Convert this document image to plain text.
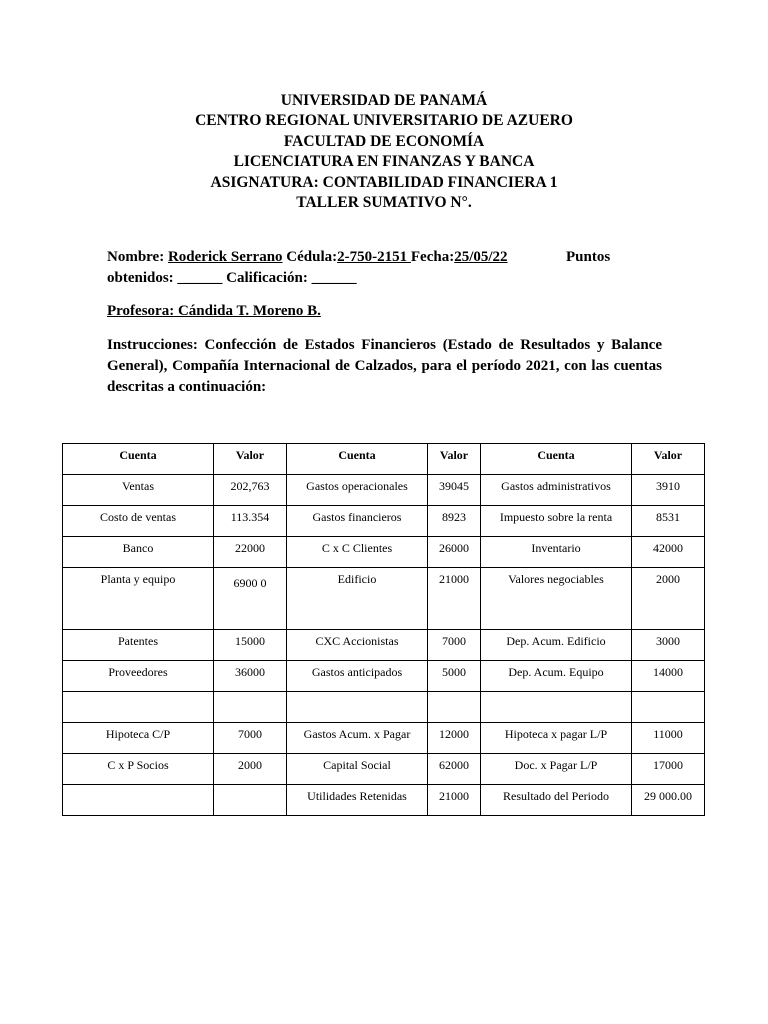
UNIVERSIDAD DE PANAMÁ
CENTRO REGIONAL UNIVERSITARIO DE AZUERO
FACULTAD DE ECONOMÍA
LICENCIATURA EN FINANZAS Y BANCA
ASIGNATURA: CONTABILIDAD FINANCIERA 1
TALLER SUMATIVO N°.
Nombre: Roderick Serrano Cédula:2-750-2151 Fecha:25/05/22	Puntos
obtenidos: ______ Calificación: ______
Profesora: Cándida T. Moreno B.
Instrucciones: Confección de Estados Financieros (Estado de Resultados y Balance General), Compañía Internacional de Calzados, para el período 2021, con las cuentas descritas a continuación:
Cuenta	Valor	Cuenta	Valor	Cuenta	Valor
Ventas	202,763	Gastos operacionales	39045	Gastos administrativos	3910
Costo de ventas	113.354	Gastos financieros	8923	Impuesto sobre la renta	8531
Banco	22000	C x C Clientes	26000	Inventario	42000
Planta y equipo	6900 0	Edificio	21000	Valores negociables	2000
Patentes	15000	CXC Accionistas	7000	Dep. Acum. Edificio	3000
Proveedores	36000	Gastos anticipados	5000	Dep. Acum. Equipo	14000

Hipoteca C/P	7000	Gastos Acum. x Pagar	12000	Hipoteca x pagar L/P	11000
C x P Socios	2000	Capital Social	62000	Doc. x Pagar L/P	17000
		Utilidades Retenidas	21000	Resultado del Periodo	29 000.00
